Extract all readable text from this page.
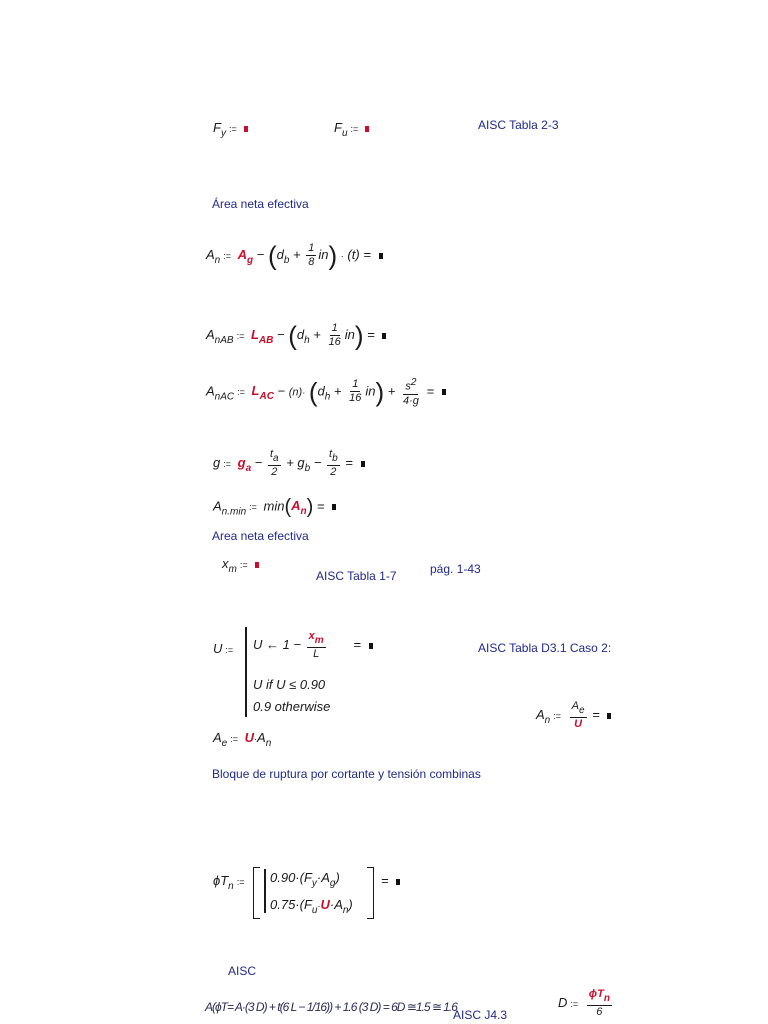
$F_y$ :=	$F_u$ :=	AISC Tabla 2-3
Área neta efectiva
$A_n$ := $A_g - (d_b + \frac{1}{8} in) \cdot (t)$ =
$A_{nAB}$ := $L_{AB} - (d_h + \frac{1}{16} in)$ =
$A_{nAC}$ := $L_{AC} - (n)\cdot (d_h + \frac{1}{16} in) + \frac{s^2}{4\cdot g}$ =
g := $g_a - \frac{t_a}{2} + g_b - \frac{t_b}{2}$ =
$A_{n.min}$ := $\min(A_n)$ =
Area neta efectiva
$x_m$ :=
AISC Tabla 1-7	pág. 1-43
U := U ← $1 - \frac{x_m}{L}$ =
U if U ≤ 0.90
0.9 otherwise
AISC Tabla D3.1 Caso 2:
$A_n$ := $\frac{A_e}{U}$ =
$A_e$ := $U\cdot A_n$
Bloque de ruptura por cortante y tensión combinas
$\phi T_n$ := $0.90\cdot(F_y\cdot A_g)$
$0.75\cdot(F_u\cdot U\cdot A_n)$
=
AISC
A(ϕT= A·(3 D) + t(6 L − 1/16)) + 1.6 (3 D) = 6D ≅1.5 ≅ 1.6
AISC J4.3
D := $\frac{\phi T_n}{6}$
